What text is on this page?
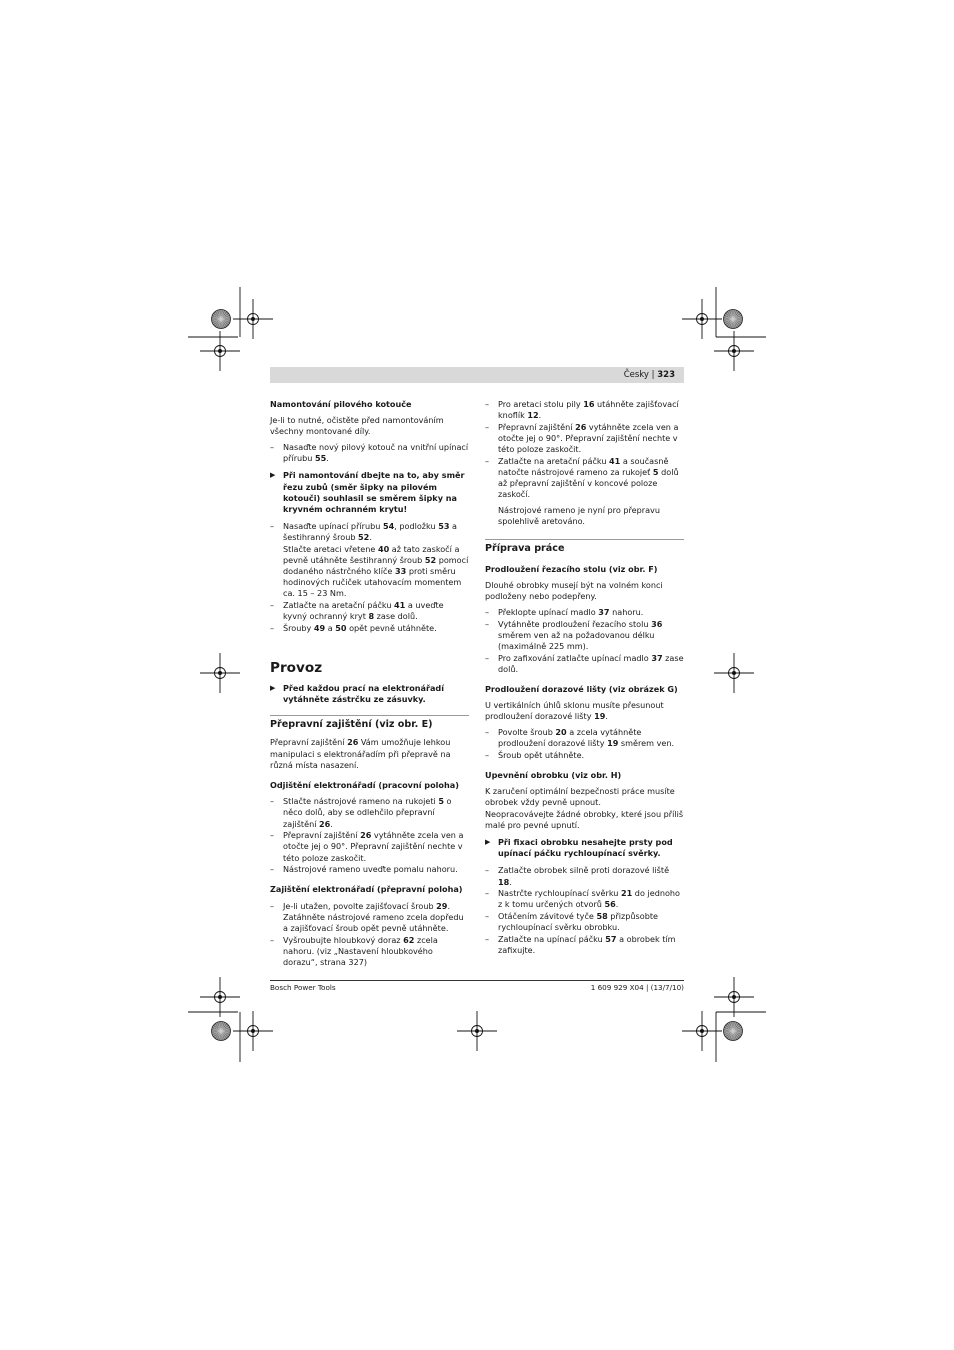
Česky | 323
Namontování pilového kotouče
Je-li to nutné, očistěte před namontováním všechny montované díly.
– Nasaďte nový pilový kotouč na vnitřní upínací přírubu 55.
▶ Při namontování dbejte na to, aby směr řezu zubů (směr šipky na pilovém kotouči) souhlasil se směrem šipky na kryvném ochranném krytu!
– Nasaďte upínací přírubu 54, podložku 53 a šestihranný šroub 52.
Stlačte aretaci vřetene 40 až tato zaskočí a pevně utáhněte šestihranný šroub 52 pomocí dodaného nástrčného klíče 33 proti směru hodinových ručiček utahovacím momentem ca. 15 – 23 Nm.
– Zatlačte na aretační páčku 41 a uveďte kyvný ochranný kryt 8 zase dolů.
– Šrouby 49 a 50 opět pevně utáhněte.
Provoz
▶ Před každou prací na elektronářadí vytáhněte zástrčku ze zásuvky.
Přepravní zajištění (viz obr. E)
Přepravní zajištění 26 Vám umožňuje lehkou manipulaci s elektronářadím při přepravě na různá místa nasazení.
Odjištění elektronářadí (pracovní poloha)
– Stlačte nástrojové rameno na rukojeti 5 o něco dolů, aby se odlehčilo přepravní zajištění 26.
– Přepravní zajištění 26 vytáhněte zcela ven a otočte jej o 90°. Přepravní zajištění nechte v této poloze zaskočit.
– Nástrojové rameno uveďte pomalu nahoru.
Zajištění elektronářadí (přepravní poloha)
– Je-li utažen, povolte zajišťovací šroub 29. Zatáhněte nástrojové rameno zcela dopředu a zajišťovací šroub opět pevně utáhněte.
– Vyšroubujte hloubkový doraz 62 zcela nahoru. (viz „Nastavení hloubkového dorazu“, strana 327)
– Pro aretaci stolu pily 16 utáhněte zajišťovací knoflík 12.
– Přepravní zajištění 26 vytáhněte zcela ven a otočte jej o 90°. Přepravní zajištění nechte v této poloze zaskočit.
– Zatlačte na aretační páčku 41 a současně natočte nástrojové rameno za rukojeť 5 dolů až přepravní zajištění v koncové poloze zaskočí.
Nástrojové rameno je nyní pro přepravu spolehlivě aretováno.
Příprava práce
Prodloužení řezacího stolu (viz obr. F)
Dlouhé obrobky musejí být na volném konci podloženy nebo podepřeny.
– Překlopte upínací madlo 37 nahoru.
– Vytáhněte prodloužení řezacího stolu 36 směrem ven až na požadovanou délku (maximálně 225 mm).
– Pro zafixování zatlačte upínací madlo 37 zase dolů.
Prodloužení dorazové lišty (viz obrázek G)
U vertikálních úhlů sklonu musíte přesunout prodloužení dorazové lišty 19.
– Povolte šroub 20 a zcela vytáhněte prodloužení dorazové lišty 19 směrem ven.
– Šroub opět utáhněte.
Upevnění obrobku (viz obr. H)
K zaručení optimální bezpečnosti práce musíte obrobek vždy pevně upnout.
Neopracovávejte žádné obrobky, které jsou příliš malé pro pevné upnutí.
▶ Při fixaci obrobku nesahejte prsty pod upínací páčku rychloupínací svěrky.
– Zatlačte obrobek silně proti dorazové liště 18.
– Nastrčte rychloupínací svěrku 21 do jednoho z k tomu určených otvorů 56.
– Otáčením závitové tyče 58 přizpůsobte rychloupínací svěrku obrobku.
– Zatlačte na upínací páčku 57 a obrobek tím zafixujte.
Bosch Power Tools	1 609 929 X04 | (13/7/10)
